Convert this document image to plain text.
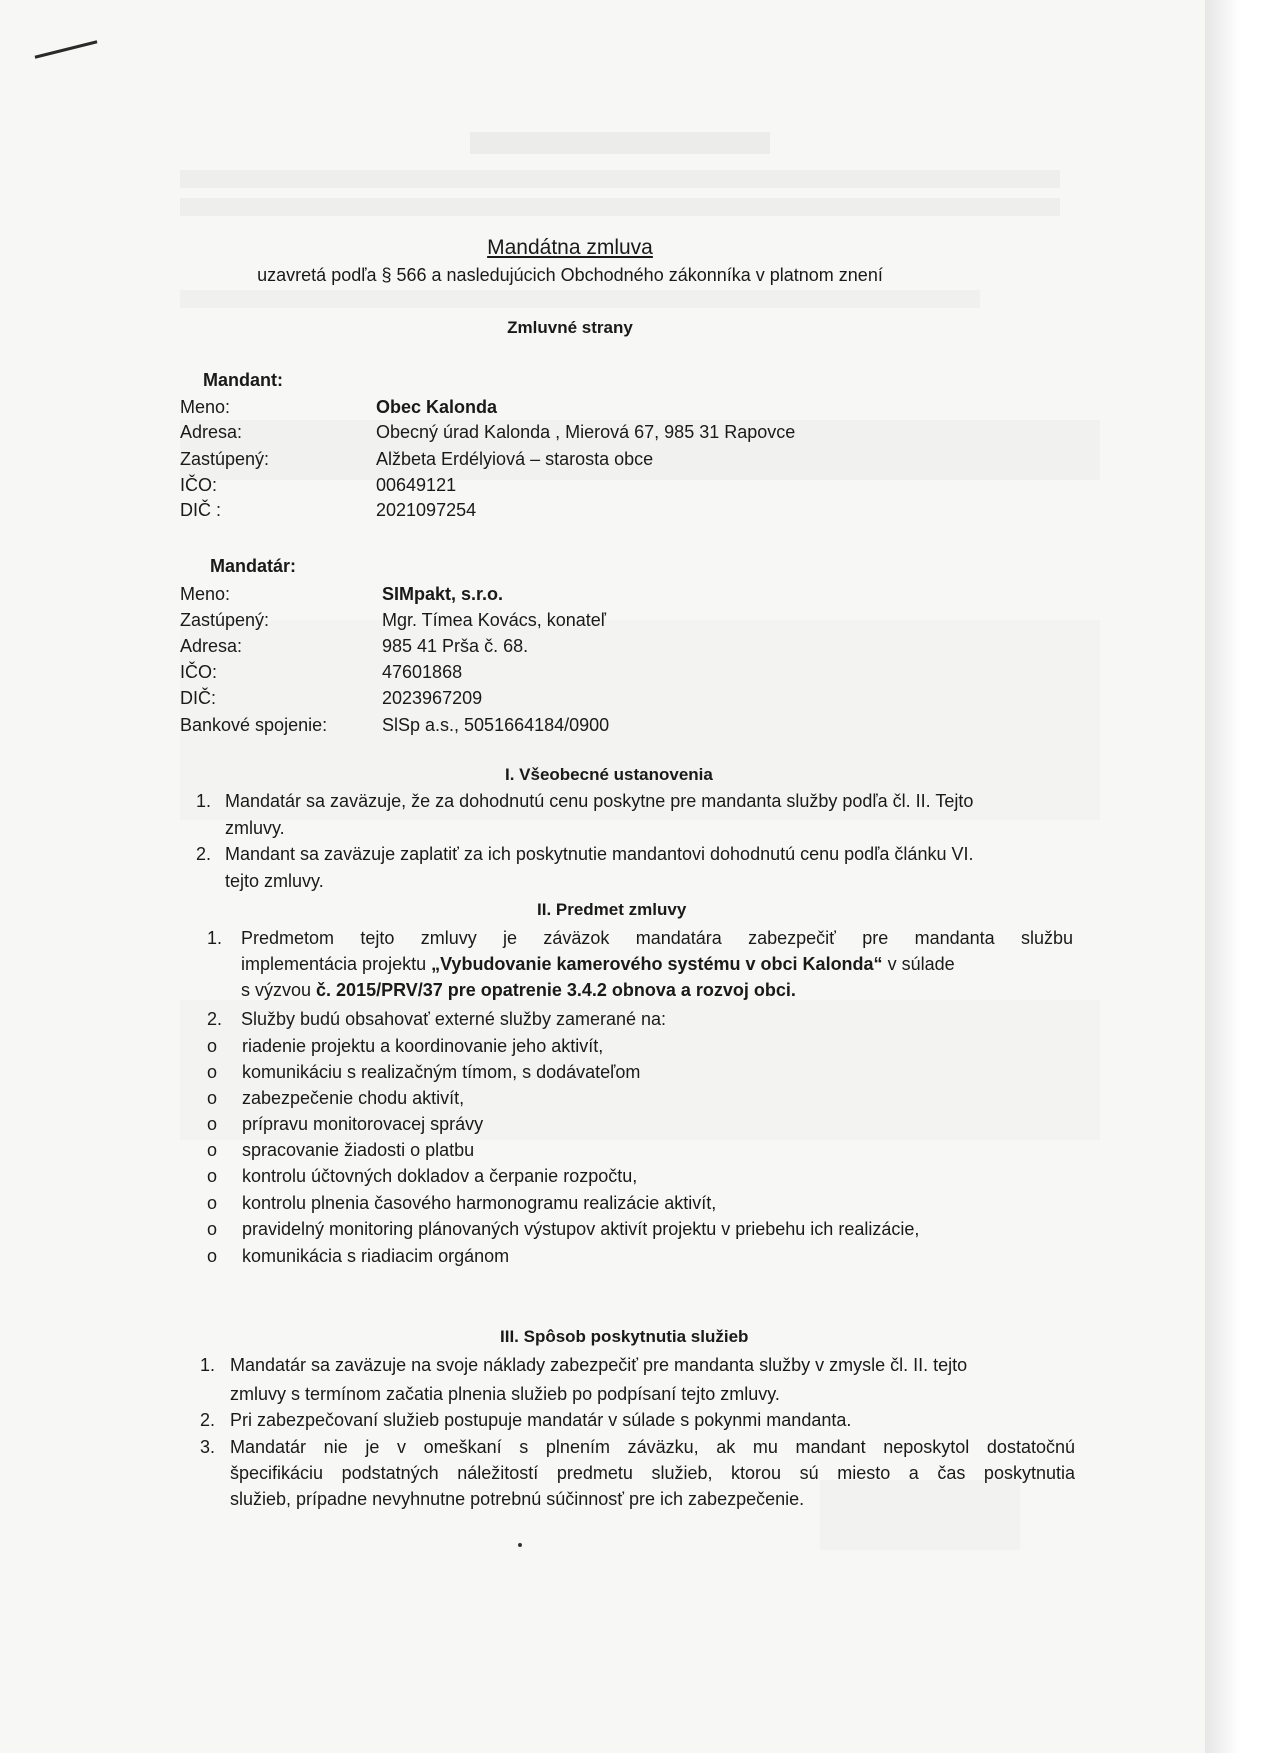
Mandátna zmluva
uzavretá podľa § 566 a nasledujúcich Obchodného zákonníka v platnom znení
Zmluvné strany
Mandant:
Meno:	Obec Kalonda
Adresa:	Obecný úrad Kalonda , Mierová 67, 985 31 Rapovce
Zastúpený:	Alžbeta Erdélyiová – starosta obce
IČO:	00649121
DIČ :	2021097254
Mandatár:
Meno:	SIMpakt, s.r.o.
Zastúpený:	Mgr. Tímea Kovács, konateľ
Adresa:	985 41 Prša č. 68.
IČO:	47601868
DIČ:	2023967209
Bankové spojenie:	SlSp a.s., 5051664184/0900
I. Všeobecné ustanovenia
1. Mandatár sa zaväzuje, že za dohodnutú cenu poskytne pre mandanta služby podľa čl. II. Tejto
zmluvy.
2. Mandant sa zaväzuje zaplatiť za ich poskytnutie mandantovi dohodnutú cenu podľa článku VI.
tejto zmluvy.
II. Predmet zmluvy
1. Predmetom tejto zmluvy je záväzok mandatára zabezpečiť pre mandanta službu
implementácia projektu „Vybudovanie kamerového systému v obci Kalonda“ v súlade
s výzvou č. 2015/PRV/37 pre opatrenie 3.4.2 obnova a rozvoj obci.
2. Služby budú obsahovať externé služby zamerané na:
o riadenie projektu a koordinovanie jeho aktivít,
o komunikáciu s realizačným tímom, s dodávateľom
o zabezpečenie chodu aktivít,
o prípravu monitorovacej správy
o spracovanie žiadosti o platbu
o kontrolu účtovných dokladov a čerpanie rozpočtu,
o kontrolu plnenia časového harmonogramu realizácie aktivít,
o pravidelný monitoring plánovaných výstupov aktivít projektu v priebehu ich realizácie,
o komunikácia s riadiacim orgánom
III. Spôsob poskytnutia služieb
1. Mandatár sa zaväzuje na svoje náklady zabezpečiť pre mandanta služby v zmysle čl. II. tejto
zmluvy s termínom začatia plnenia služieb po podpísaní tejto zmluvy.
2. Pri zabezpečovaní služieb postupuje mandatár v súlade s pokynmi mandanta.
3. Mandatár nie je v omeškaní s plnením záväzku, ak mu mandant neposkytol dostatočnú
špecifikáciu podstatných náležitostí predmetu služieb, ktorou sú miesto a čas poskytnutia
služieb, prípadne nevyhnutne potrebnú súčinnosť pre ich zabezpečenie.
